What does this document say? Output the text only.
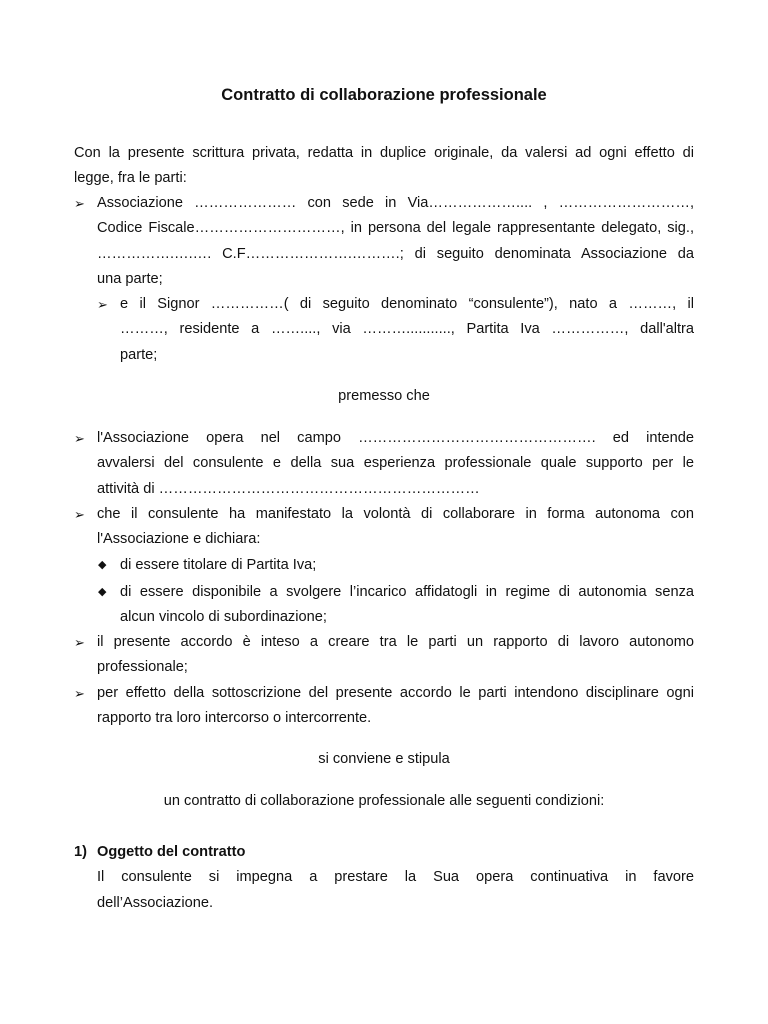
Contratto di collaborazione professionale
Con la presente scrittura privata, redatta in duplice originale, da valersi ad ogni effetto di
legge, fra le parti:
➢ Associazione ………………… con sede in Via……………….... , ………………………,
Codice Fiscale…………………………, in persona del legale rappresentante delegato, sig.,
…………….….…. C.F………………….……….; di seguito denominata Associazione da
una parte;
➢ e il Signor ……………( di seguito denominato “consulente”), nato a ………, il
………, residente a ……...., via ………..........., Partita Iva ……………, dall'altra
parte;
premesso che
➢ l'Associazione opera nel campo …………………………………………. ed intende
avvalersi del consulente e della sua esperienza professionale quale supporto per le
attività di …………………………………………………………
➢ che il consulente ha manifestato la volontà di collaborare in forma autonoma con
l'Associazione e dichiara:
◆ di essere titolare di Partita Iva;
◆ di essere disponibile a svolgere l’incarico affidatogli in regime di autonomia senza
alcun vincolo di subordinazione;
➢ il presente accordo è inteso a creare tra le parti un rapporto di lavoro autonomo
professionale;
➢ per effetto della sottoscrizione del presente accordo le parti intendono disciplinare ogni
rapporto tra loro intercorso o intercorrente.
si conviene e stipula
un contratto di collaborazione professionale alle seguenti condizioni:
1) Oggetto del contratto
Il consulente si impegna a prestare la Sua opera continuativa in favore
dell’Associazione.
